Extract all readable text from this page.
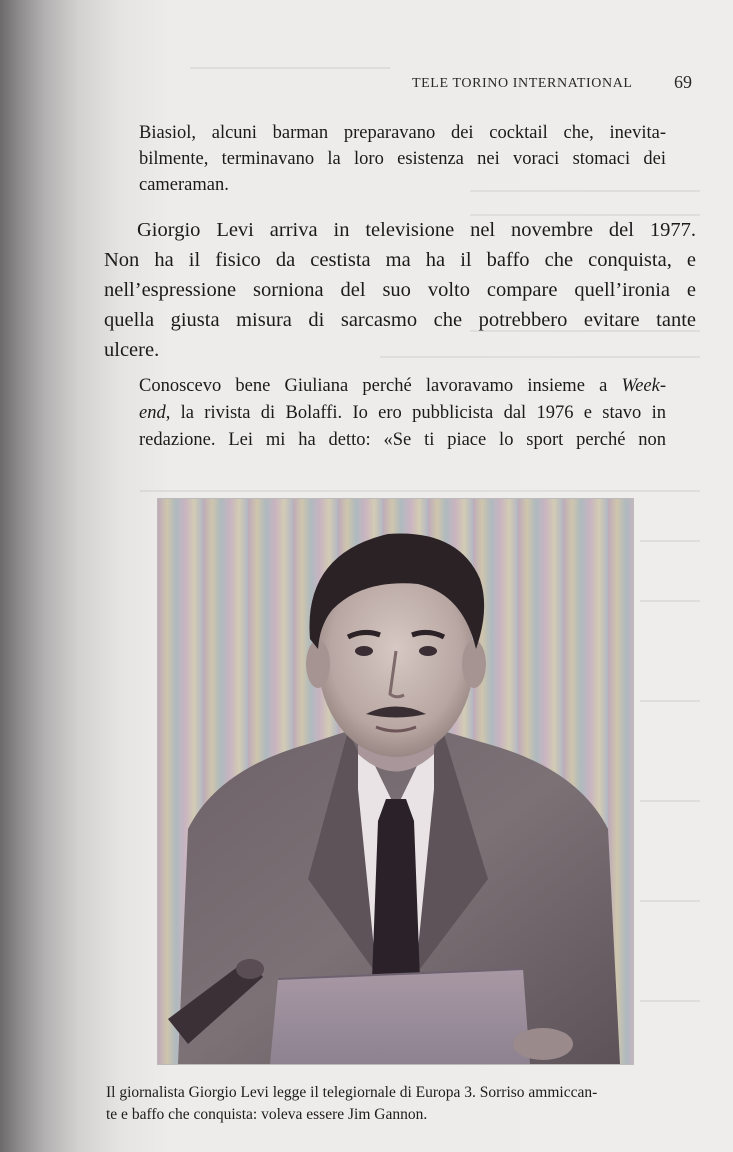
TELE TORINO INTERNATIONAL 69

Biasiol, alcuni barman preparavano dei cocktail che, inevita-
bilmente, terminavano la loro esistenza nei voraci stomaci dei
cameraman.

Giorgio Levi arriva in televisione nel novembre del 1977.
Non ha il fisico da cestista ma ha il baffo che conquista, e
nell’espressione sorniona del suo volto compare quell’ironia e
quella giusta misura di sarcasmo che potrebbero evitare tante
ulcere.

Conoscevo bene Giuliana perché lavoravamo insieme a Week-
end, la rivista di Bolaffi. Io ero pubblicista dal 1976 e stavo in
redazione. Lei mi ha detto: «Se ti piace lo sport perché non

Il giornalista Giorgio Levi legge il telegiornale di Europa 3. Sorriso ammiccan-
te e baffo che conquista: voleva essere Jim Gannon.
